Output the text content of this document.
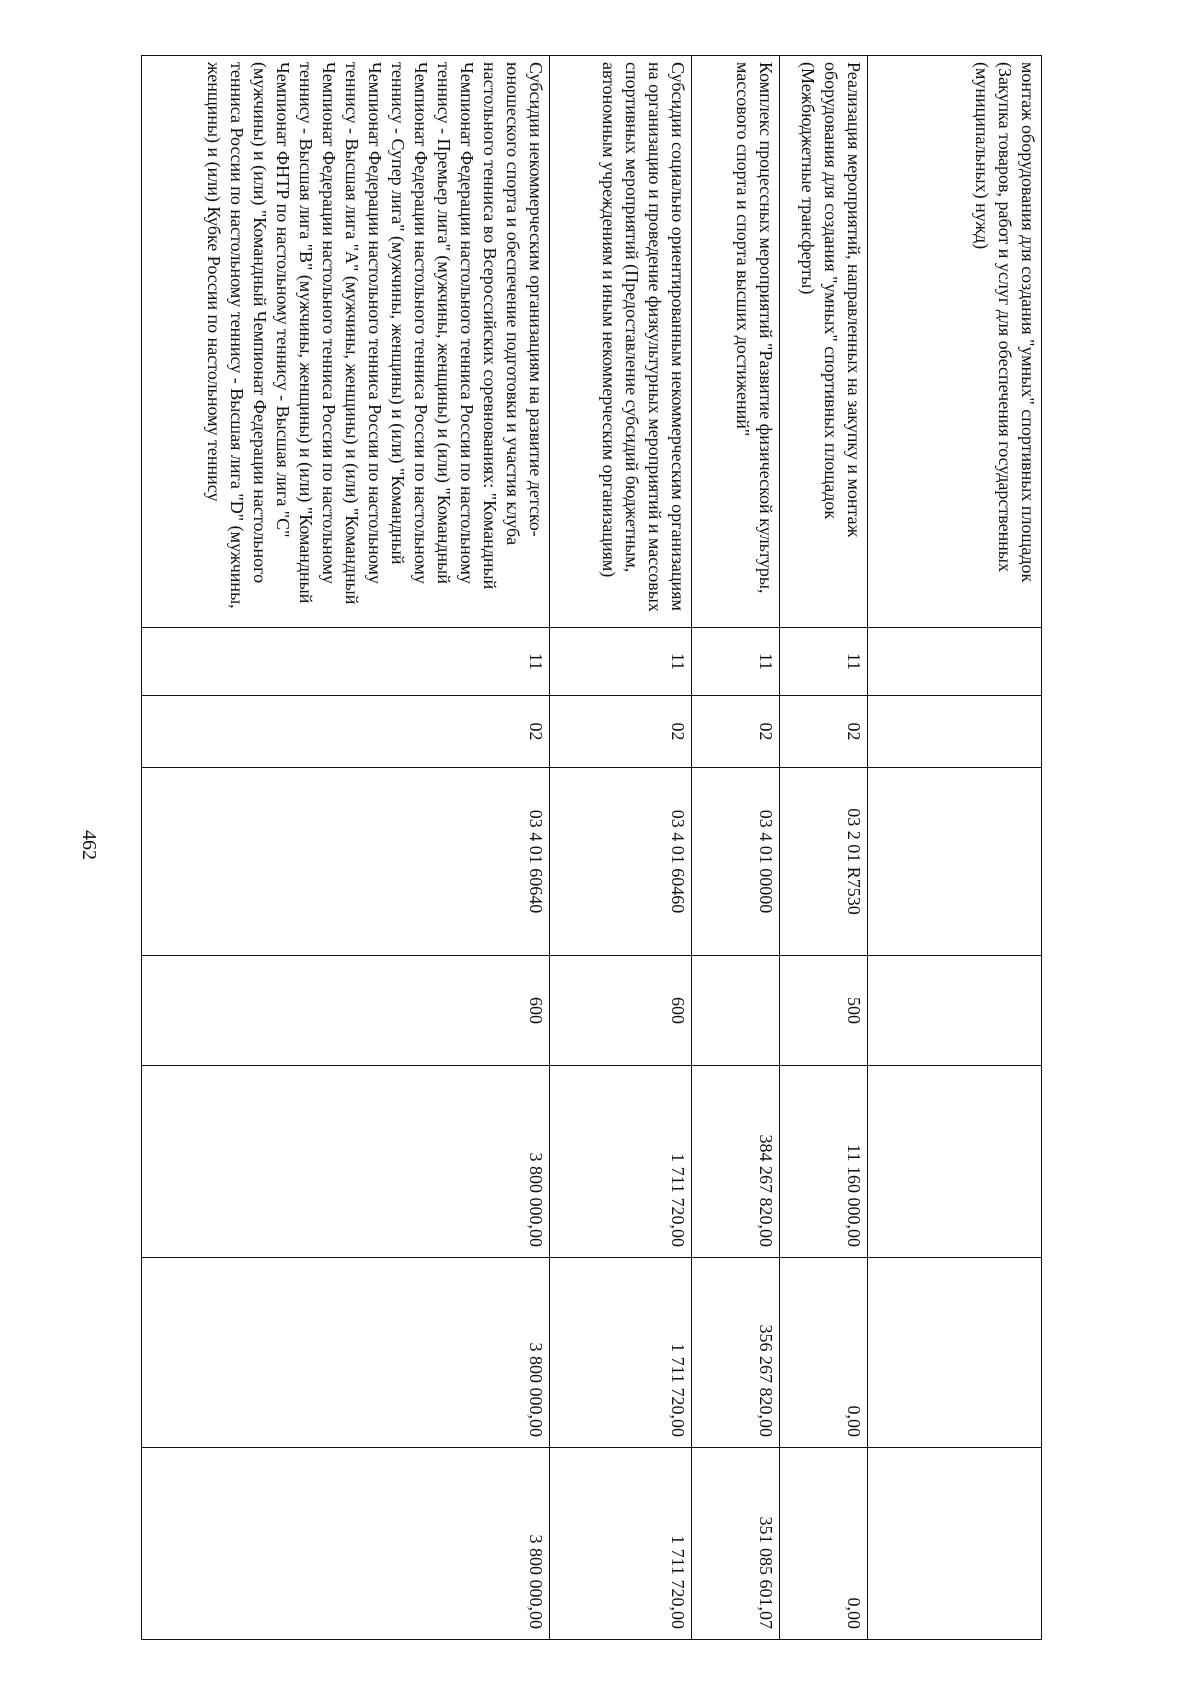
462
монтаж оборудования для создания "умных" спортивных площадок (Закупка товаров, работ и услуг для обеспечения государственных (муниципальных) нужд)							
Реализация мероприятий, направленных на закупку и монтаж оборудования для создания "умных" спортивных площадок (Межбюджетные трансферты)	11	02	03 2 01 R7530	500	11 160 000,00	0,00	0,00
Комплекс процессных мероприятий "Развитие физической культуры, массового спорта и спорта высших достижений"	11	02	03 4 01 00000		384 267 820,00	356 267 820,00	351 085 601,07
Субсидии социально ориентированным некоммерческим организациям на организацию и проведение физкультурных мероприятий и массовых спортивных мероприятий (Предоставление субсидий бюджетным, автономным учреждениям и иным некоммерческим организациям)	11	02	03 4 01 60460	600	1 711 720,00	1 711 720,00	1 711 720,00
Субсидии некоммерческим организациям на развитие детско-юношеского спорта и обеспечение подготовки и участия клуба настольного тенниса во Всероссийских соревнованиях: "Командный Чемпионат Федерации настольного тенниса России по настольному теннису - Премьер лига" (мужчины, женщины) и (или) "Командный Чемпионат Федерации настольного тенниса России по настольному теннису - Супер лига" (мужчины, женщины) и (или) "Командный Чемпионат Федерации настольного тенниса России по настольному теннису - Высшая лига "А" (мужчины, женщины) и (или) "Командный Чемпионат Федерации настольного тенниса России по настольному теннису - Высшая лига "В" (мужчины, женщины) и (или) "Командный Чемпионат ФНТР по настольному теннису - Высшая лига "С" (мужчины) и (или) "Командный Чемпионат Федерации настольного тенниса России по настольному теннису - Высшая лига "D" (мужчины, женщины) и (или) Кубке России по настольному теннису	11	02	03 4 01 60640	600	3 800 000,00	3 800 000,00	3 800 000,00
